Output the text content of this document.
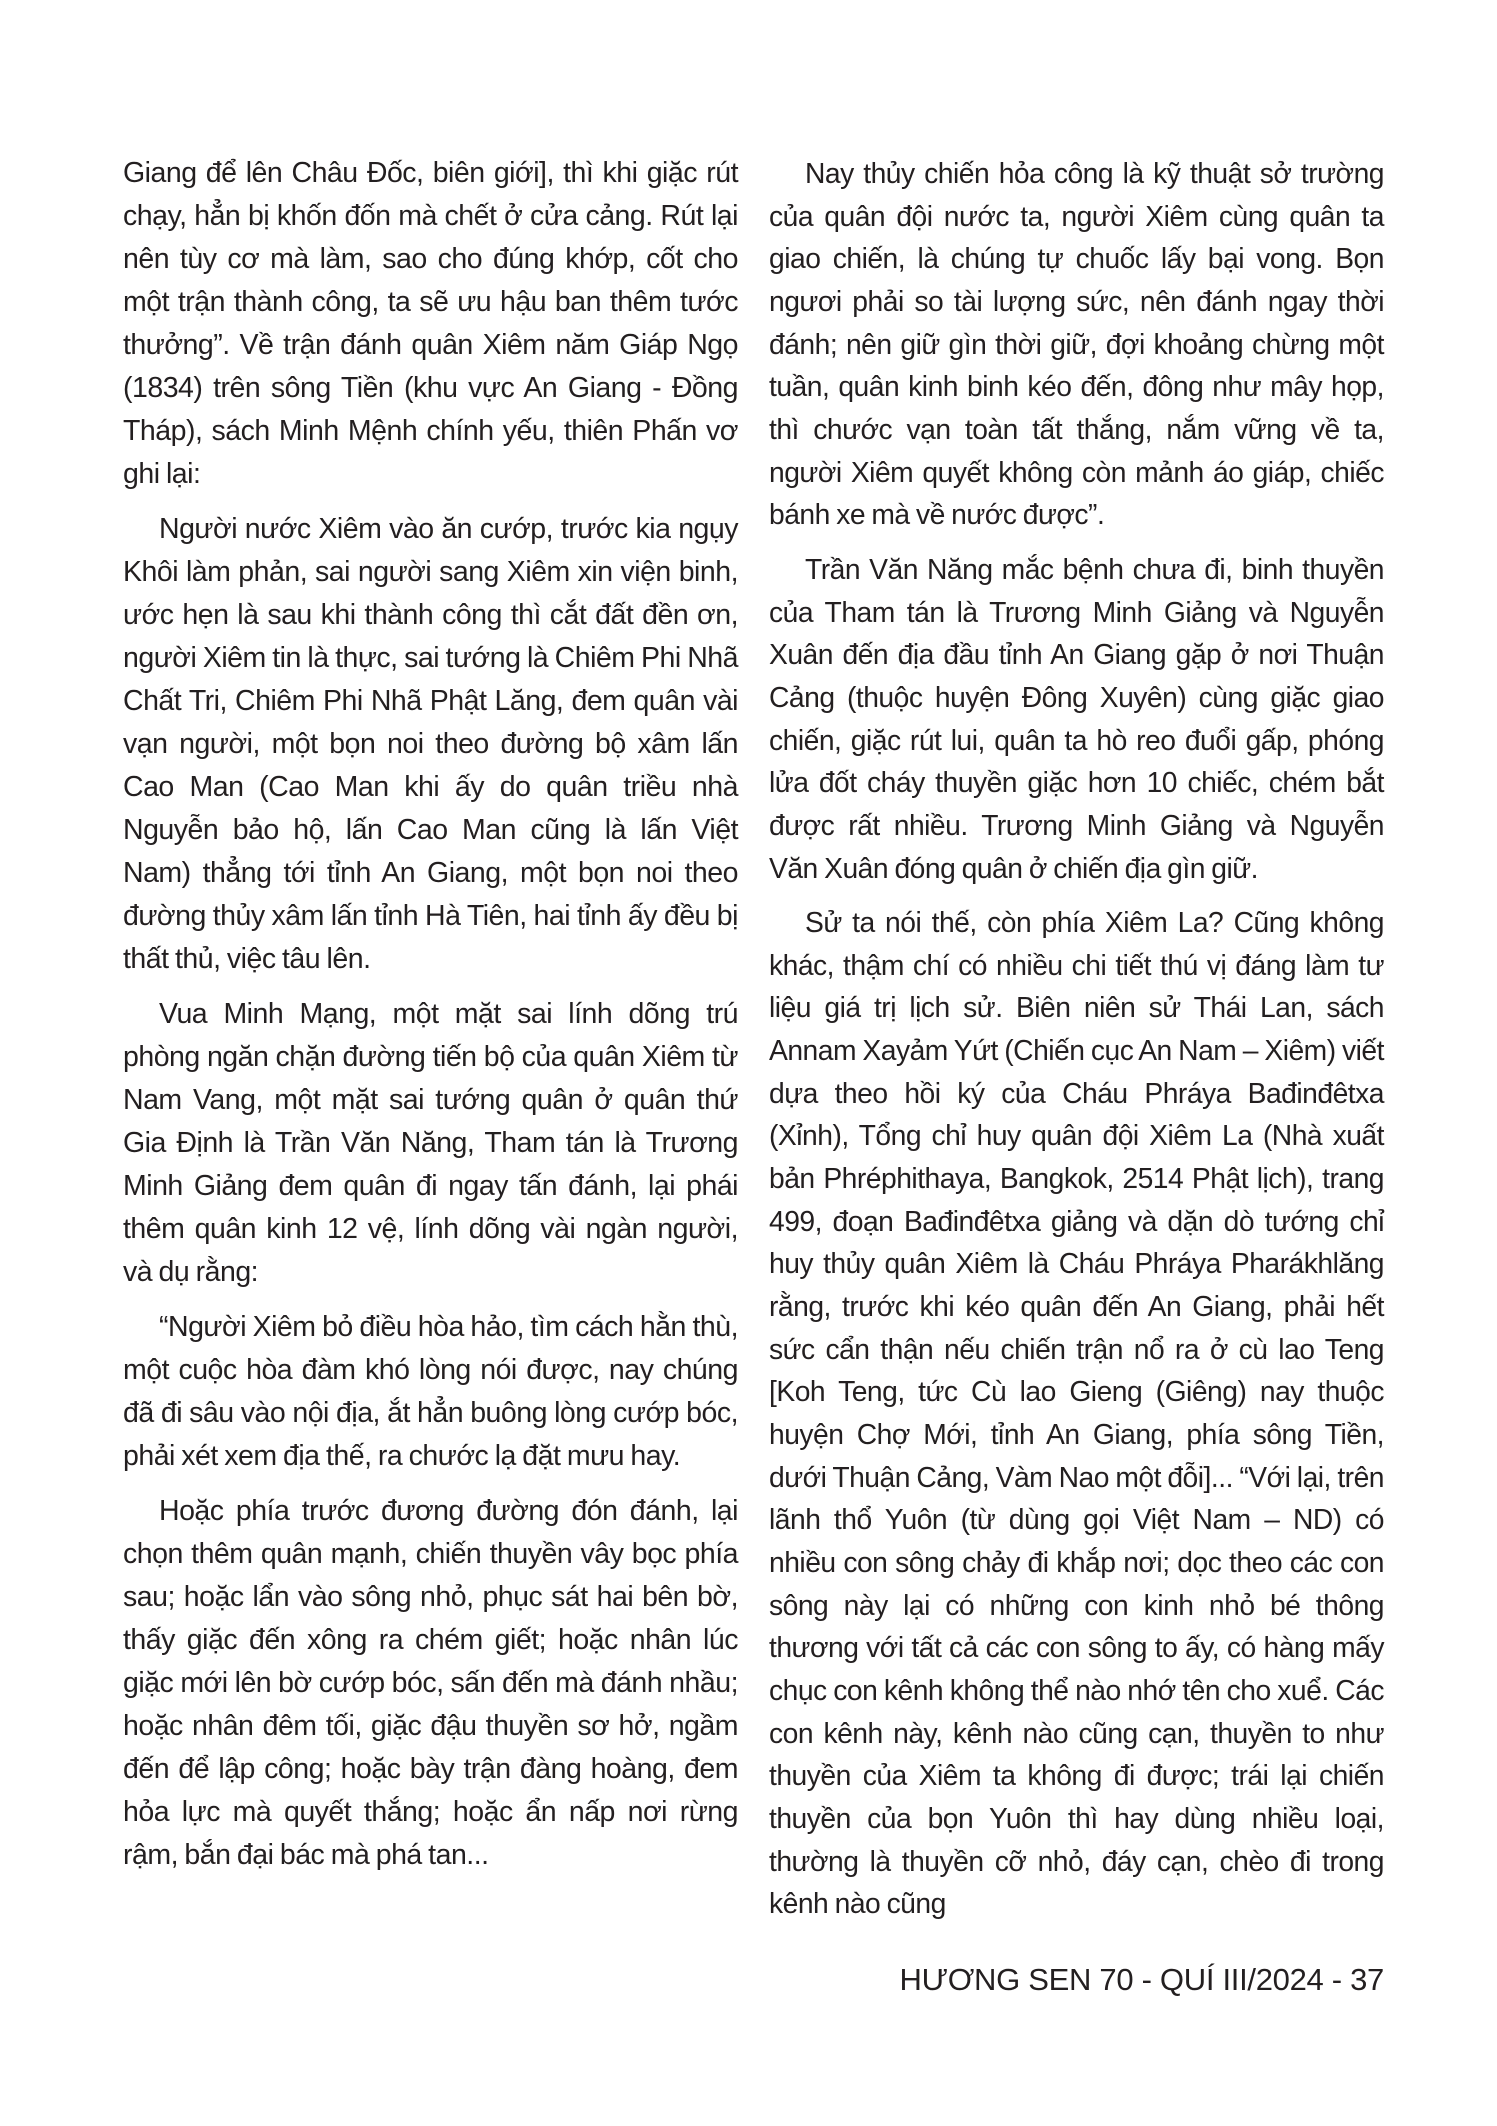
Giang để lên Châu Đốc, biên giới], thì khi giặc rút chạy, hẳn bị khốn đốn mà chết ở cửa cảng. Rút lại nên tùy cơ mà làm, sao cho đúng khớp, cốt cho một trận thành công, ta sẽ ưu hậu ban thêm tước thưởng”. Về trận đánh quân Xiêm năm Giáp Ngọ (1834) trên sông Tiền (khu vực An Giang - Đồng Tháp), sách Minh Mệnh chính yếu, thiên Phấn vơ ghi lại:

Người nước Xiêm vào ăn cướp, trước kia ngụy Khôi làm phản, sai người sang Xiêm xin viện binh, ước hẹn là sau khi thành công thì cắt đất đền ơn, người Xiêm tin là thực, sai tướng là Chiêm Phi Nhã Chất Tri, Chiêm Phi Nhã Phật Lăng, đem quân vài vạn người, một bọn noi theo đường bộ xâm lấn Cao Man (Cao Man khi ấy do quân triều nhà Nguyễn bảo hộ, lấn Cao Man cũng là lấn Việt Nam) thẳng tới tỉnh An Giang, một bọn noi theo đường thủy xâm lấn tỉnh Hà Tiên, hai tỉnh ấy đều bị thất thủ, việc tâu lên.

Vua Minh Mạng, một mặt sai lính dõng trú phòng ngăn chặn đường tiến bộ của quân Xiêm từ Nam Vang, một mặt sai tướng quân ở quân thứ Gia Định là Trần Văn Năng, Tham tán là Trương Minh Giảng đem quân đi ngay tấn đánh, lại phái thêm quân kinh 12 vệ, lính dõng vài ngàn người, và dụ rằng:

“Người Xiêm bỏ điều hòa hảo, tìm cách hằn thù, một cuộc hòa đàm khó lòng nói được, nay chúng đã đi sâu vào nội địa, ắt hẳn buông lòng cướp bóc, phải xét xem địa thế, ra chước lạ đặt mưu hay.

Hoặc phía trước đương đường đón đánh, lại chọn thêm quân mạnh, chiến thuyền vây bọc phía sau; hoặc lẩn vào sông nhỏ, phục sát hai bên bờ, thấy giặc đến xông ra chém giết; hoặc nhân lúc giặc mới lên bờ cướp bóc, sấn đến mà đánh nhầu; hoặc nhân đêm tối, giặc đậu thuyền sơ hở, ngầm đến để lập công; hoặc bày trận đàng hoàng, đem hỏa lực mà quyết thắng; hoặc ẩn nấp nơi rừng rậm, bắn đại bác mà phá tan...

Nay thủy chiến hỏa công là kỹ thuật sở trường của quân đội nước ta, người Xiêm cùng quân ta giao chiến, là chúng tự chuốc lấy bại vong. Bọn ngươi phải so tài lượng sức, nên đánh ngay thời đánh; nên giữ gìn thời giữ, đợi khoảng chừng một tuần, quân kinh binh kéo đến, đông như mây họp, thì chước vạn toàn tất thắng, nắm vững về ta, người Xiêm quyết không còn mảnh áo giáp, chiếc bánh xe mà về nước được”.

Trần Văn Năng mắc bệnh chưa đi, binh thuyền của Tham tán là Trương Minh Giảng và Nguyễn Xuân đến địa đầu tỉnh An Giang gặp ở nơi Thuận Cảng (thuộc huyện Đông Xuyên) cùng giặc giao chiến, giặc rút lui, quân ta hò reo đuổi gấp, phóng lửa đốt cháy thuyền giặc hơn 10 chiếc, chém bắt được rất nhiều. Trương Minh Giảng và Nguyễn Văn Xuân đóng quân ở chiến địa gìn giữ.

Sử ta nói thế, còn phía Xiêm La? Cũng không khác, thậm chí có nhiều chi tiết thú vị đáng làm tư liệu giá trị lịch sử. Biên niên sử Thái Lan, sách Annam Xayảm Yứt (Chiến cục An Nam – Xiêm) viết dựa theo hồi ký của Cháu Phráya Bađinđêtxa (Xỉnh), Tổng chỉ huy quân đội Xiêm La (Nhà xuất bản Phréphithaya, Bangkok, 2514 Phật lịch), trang 499, đoạn Bađinđêtxa giảng và dặn dò tướng chỉ huy thủy quân Xiêm là Cháu Phráya Pharákhlăng rằng, trước khi kéo quân đến An Giang, phải hết sức cẩn thận nếu chiến trận nổ ra ở cù lao Teng [Koh Teng, tức Cù lao Gieng (Giêng) nay thuộc huyện Chợ Mới, tỉnh An Giang, phía sông Tiền, dưới Thuận Cảng, Vàm Nao một đỗi]... “Với lại, trên lãnh thổ Yuôn (từ dùng gọi Việt Nam – ND) có nhiều con sông chảy đi khắp nơi; dọc theo các con sông này lại có những con kinh nhỏ bé thông thương với tất cả các con sông to ấy, có hàng mấy chục con kênh không thể nào nhớ tên cho xuể. Các con kênh này, kênh nào cũng cạn, thuyền to như thuyền của Xiêm ta không đi được; trái lại chiến thuyền của bọn Yuôn thì hay dùng nhiều loại, thường là thuyền cỡ nhỏ, đáy cạn, chèo đi trong kênh nào cũng

HƯƠNG SEN 70 - QUÍ III/2024 - 37
